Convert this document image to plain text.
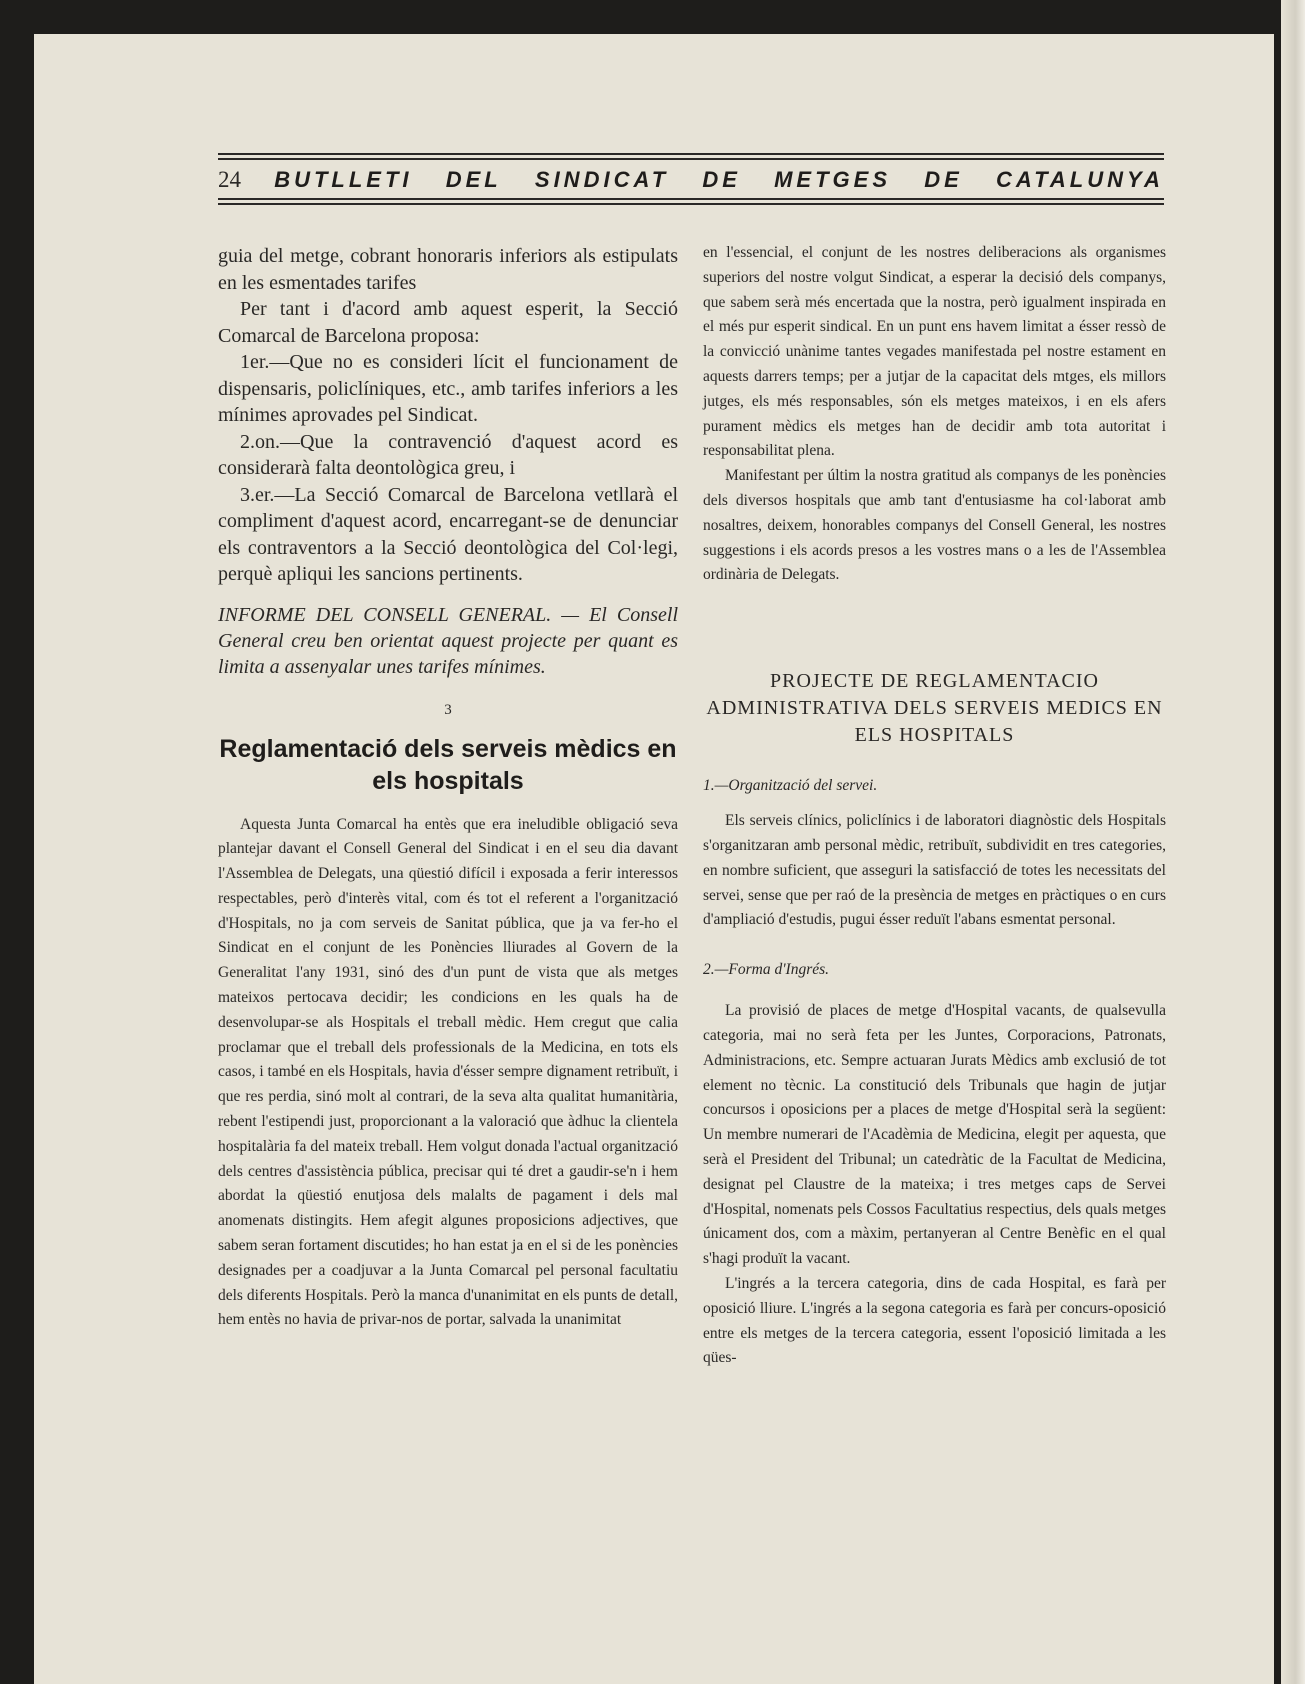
24 BUTLLETI DEL SINDICAT DE METGES DE CATALUNYA

guia del metge, cobrant honoraris inferiors als estipulats en les esmentades tarifes

Per tant i d'acord amb aquest esperit, la Secció Comarcal de Barcelona proposa:

1er.—Que no es consideri lícit el funcionament de dispensaris, policlíniques, etc., amb tarifes inferiors a les mínimes aprovades pel Sindicat.

2.on.—Que la contravenció d'aquest acord es considerarà falta deontològica greu, i

3.er.—La Secció Comarcal de Barcelona vetllarà el compliment d'aquest acord, encarregant-se de denunciar els contraventors a la Secció deontològica del Col·legi, perquè apliqui les sancions pertinents.

INFORME DEL CONSELL GENERAL. — El Consell General creu ben orientat aquest projecte per quant es limita a assenyalar unes tarifes mínimes.

3

Reglamentació dels serveis mèdics en els hospitals

Aquesta Junta Comarcal ha entès que era ineludible obligació seva plantejar davant el Consell General del Sindicat i en el seu dia davant l'Assemblea de Delegats, una qüestió difícil i exposada a ferir interessos respectables, però d'interès vital, com és tot el referent a l'organització d'Hospitals, no ja com serveis de Sanitat pública, que ja va fer-ho el Sindicat en el conjunt de les Ponències lliurades al Govern de la Generalitat l'any 1931, sinó des d'un punt de vista que als metges mateixos pertocava decidir; les condicions en les quals ha de desenvolupar-se als Hospitals el treball mèdic. Hem cregut que calia proclamar que el treball dels professionals de la Medicina, en tots els casos, i també en els Hospitals, havia d'ésser sempre dignament retribuït, i que res perdia, sinó molt al contrari, de la seva alta qualitat humanitària, rebent l'estipendi just, proporcionant a la valoració que àdhuc la clientela hospitalària fa del mateix treball. Hem volgut donada l'actual organització dels centres d'assistència pública, precisar qui té dret a gaudir-se'n i hem abordat la qüestió enutjosa dels malalts de pagament i dels mal anomenats distingits. Hem afegit algunes proposicions adjectives, que sabem seran fortament discutides; ho han estat ja en el si de les ponències designades per a coadjuvar a la Junta Comarcal pel personal facultatiu dels diferents Hospitals. Però la manca d'unanimitat en els punts de detall, hem entès no havia de privar-nos de portar, salvada la unanimitat

en l'essencial, el conjunt de les nostres deliberacions als organismes superiors del nostre volgut Sindicat, a esperar la decisió dels companys, que sabem serà més encertada que la nostra, però igualment inspirada en el més pur esperit sindical. En un punt ens havem limitat a ésser ressò de la convicció unànime tantes vegades manifestada pel nostre estament en aquests darrers temps; per a jutjar de la capacitat dels mtges, els millors jutges, els més responsables, són els metges mateixos, i en els afers purament mèdics els metges han de decidir amb tota autoritat i responsabilitat plena.

Manifestant per últim la nostra gratitud als companys de les ponències dels diversos hospitals que amb tant d'entusiasme ha col·laborat amb nosaltres, deixem, honorables companys del Consell General, les nostres suggestions i els acords presos a les vostres mans o a les de l'Assemblea ordinària de Delegats.

PROJECTE DE REGLAMENTACIO ADMINISTRATIVA DELS SERVEIS MEDICS EN ELS HOSPITALS

1.—Organització del servei.

Els serveis clínics, policlínics i de laboratori diagnòstic dels Hospitals s'organitzaran amb personal mèdic, retribuït, subdividit en tres categories, en nombre suficient, que asseguri la satisfacció de totes les necessitats del servei, sense que per raó de la presència de metges en pràctiques o en curs d'ampliació d'estudis, pugui ésser reduït l'abans esmentat personal.

2.—Forma d'Ingrés.

La provisió de places de metge d'Hospital vacants, de qualsevulla categoria, mai no serà feta per les Juntes, Corporacions, Patronats, Administracions, etc. Sempre actuaran Jurats Mèdics amb exclusió de tot element no tècnic. La constitució dels Tribunals que hagin de jutjar concursos i oposicions per a places de metge d'Hospital serà la següent: Un membre numerari de l'Acadèmia de Medicina, elegit per aquesta, que serà el President del Tribunal; un catedràtic de la Facultat de Medicina, designat pel Claustre de la mateixa; i tres metges caps de Servei d'Hospital, nomenats pels Cossos Facultatius respectius, dels quals metges únicament dos, com a màxim, pertanyeran al Centre Benèfic en el qual s'hagi produït la vacant.

L'ingrés a la tercera categoria, dins de cada Hospital, es farà per oposició lliure. L'ingrés a la segona categoria es farà per concurs-oposició entre els metges de la tercera categoria, essent l'oposició limitada a les qües-
